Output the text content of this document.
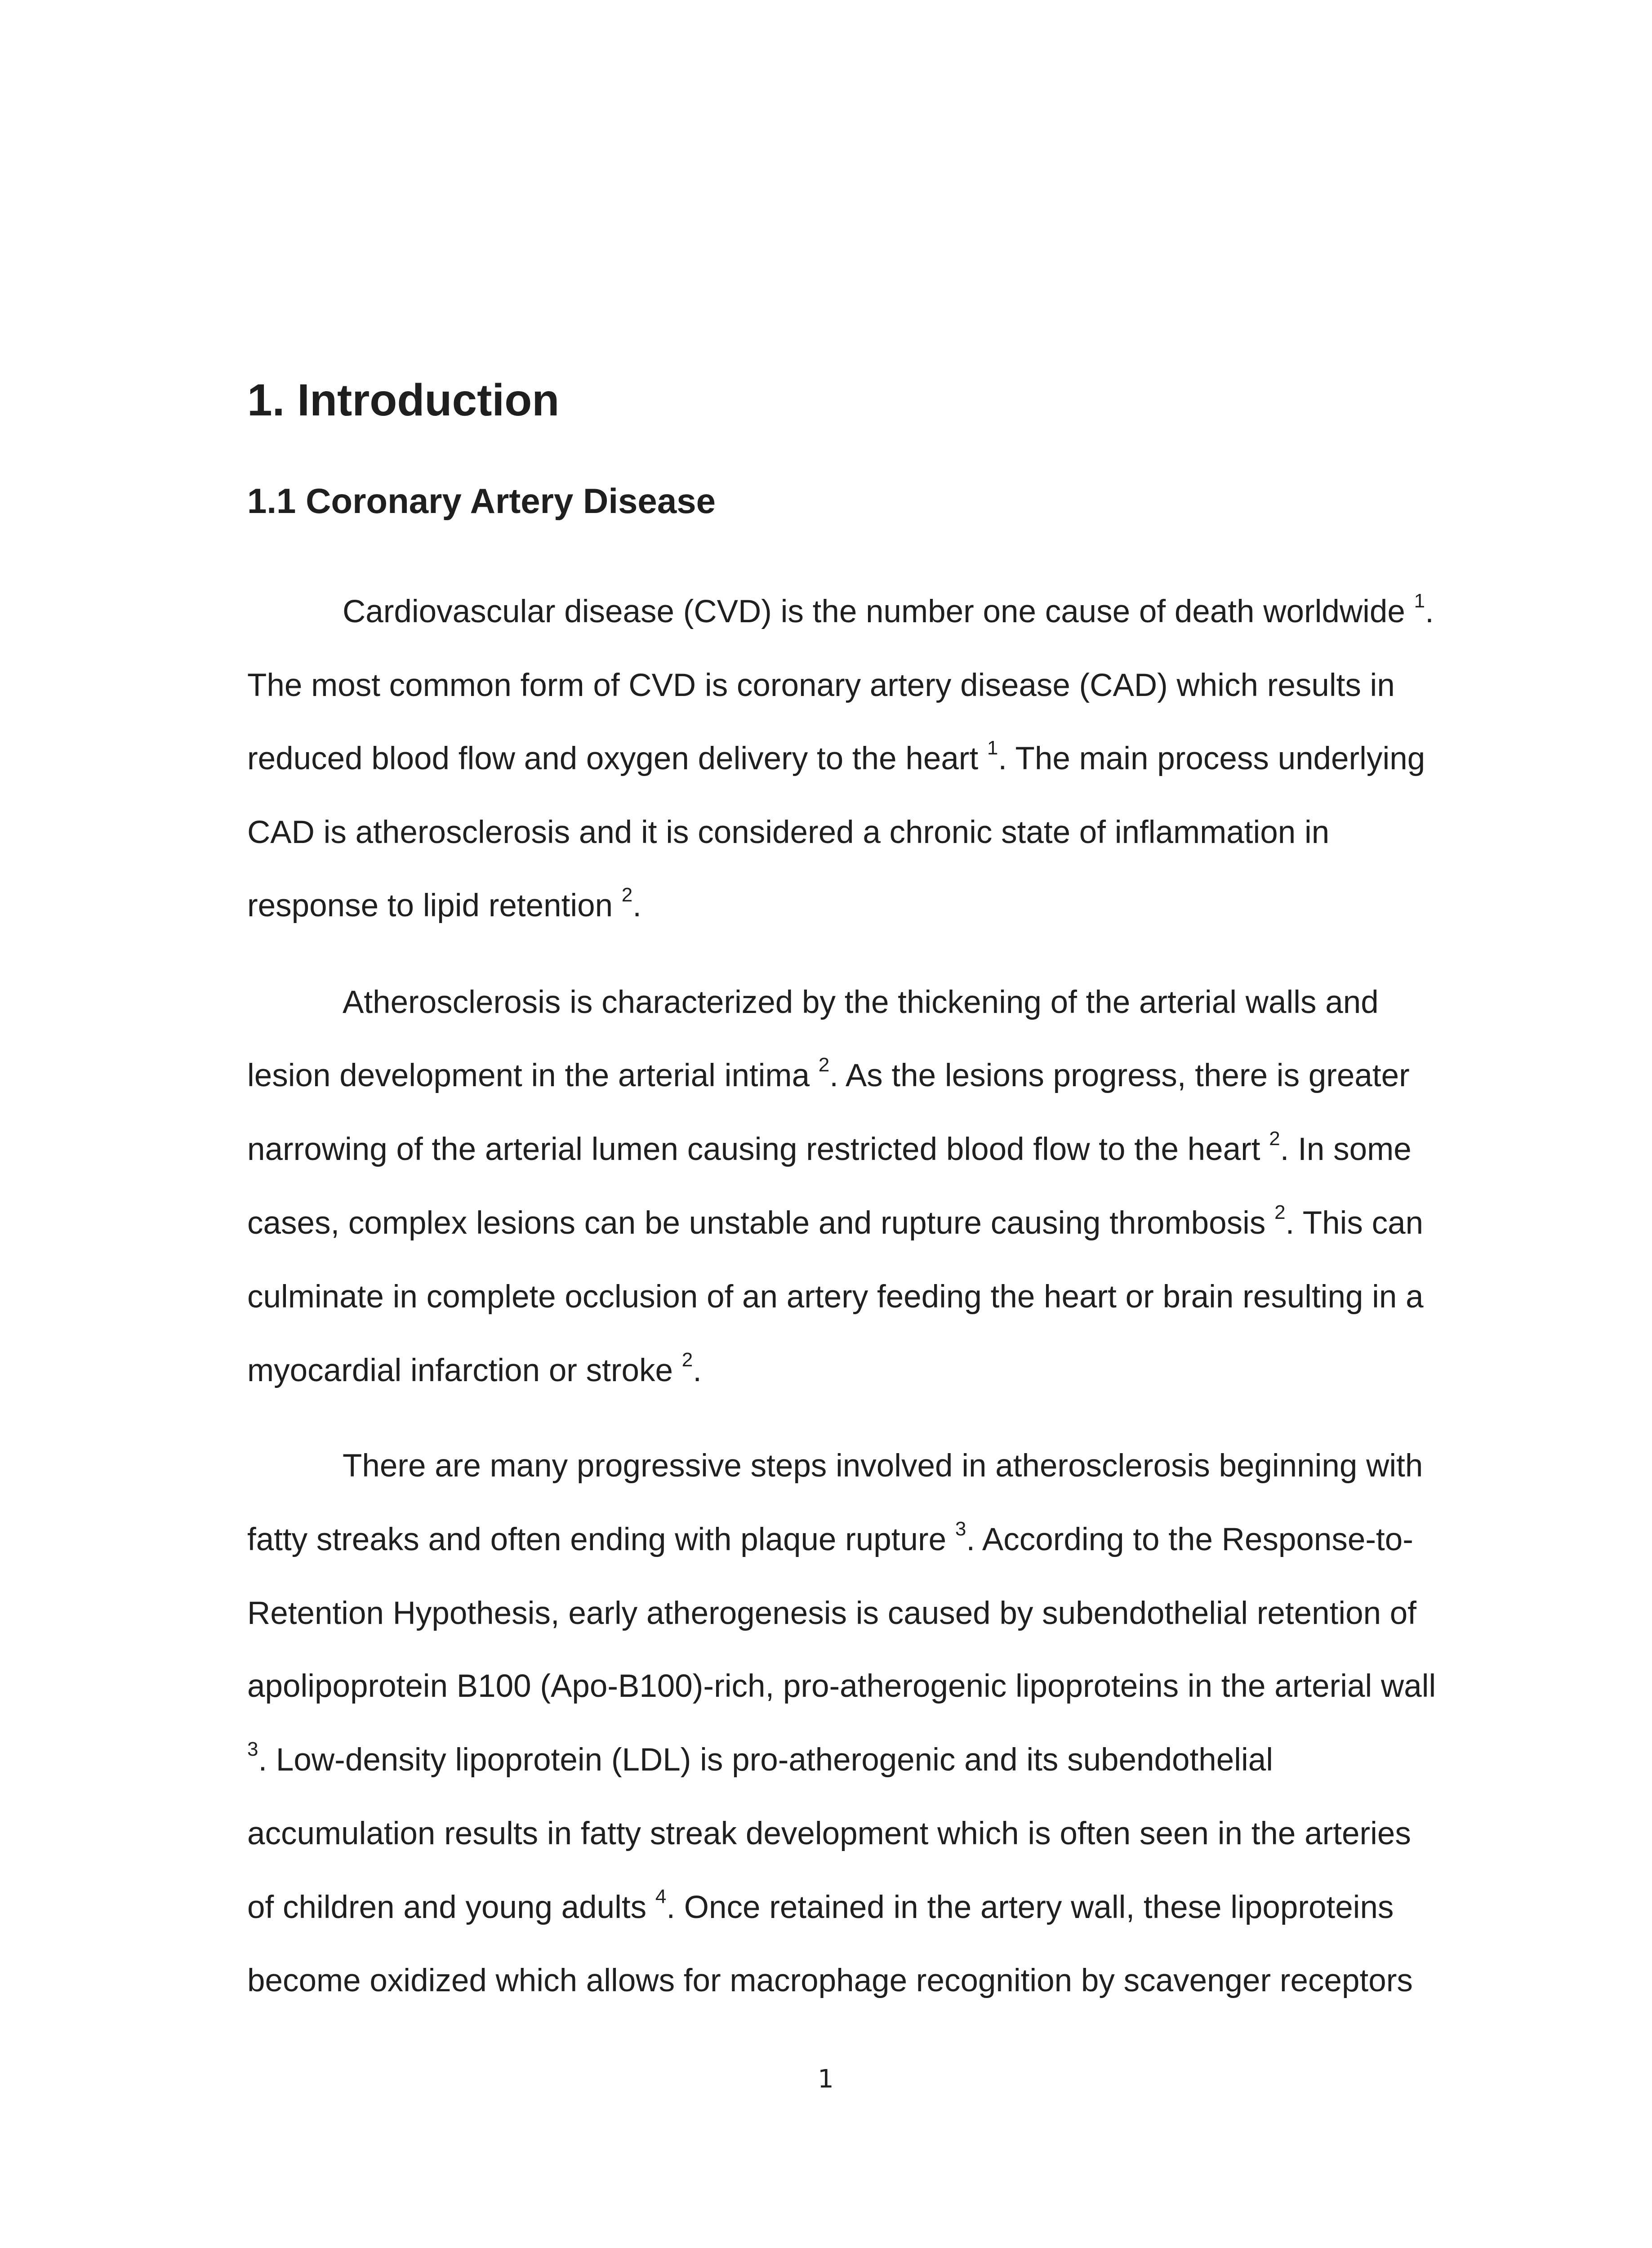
1. Introduction
1.1 Coronary Artery Disease
Cardiovascular disease (CVD) is the number one cause of death worldwide $^1$.
The most common form of CVD is coronary artery disease (CAD) which results in
reduced blood flow and oxygen delivery to the heart $^1$. The main process underlying
CAD is atherosclerosis and it is considered a chronic state of inflammation in
response to lipid retention $^2$.
Atherosclerosis is characterized by the thickening of the arterial walls and
lesion development in the arterial intima $^2$. As the lesions progress, there is greater
narrowing of the arterial lumen causing restricted blood flow to the heart $^2$. In some
cases, complex lesions can be unstable and rupture causing thrombosis $^2$. This can
culminate in complete occlusion of an artery feeding the heart or brain resulting in a
myocardial infarction or stroke $^2$.
There are many progressive steps involved in atherosclerosis beginning with
fatty streaks and often ending with plaque rupture $^3$. According to the Response-to-
Retention Hypothesis, early atherogenesis is caused by subendothelial retention of
apolipoprotein B100 (Apo-B100)-rich, pro-atherogenic lipoproteins in the arterial wall
$^3$. Low-density lipoprotein (LDL) is pro-atherogenic and its subendothelial
accumulation results in fatty streak development which is often seen in the arteries
of children and young adults $^4$. Once retained in the artery wall, these lipoproteins
become oxidized which allows for macrophage recognition by scavenger receptors
1
